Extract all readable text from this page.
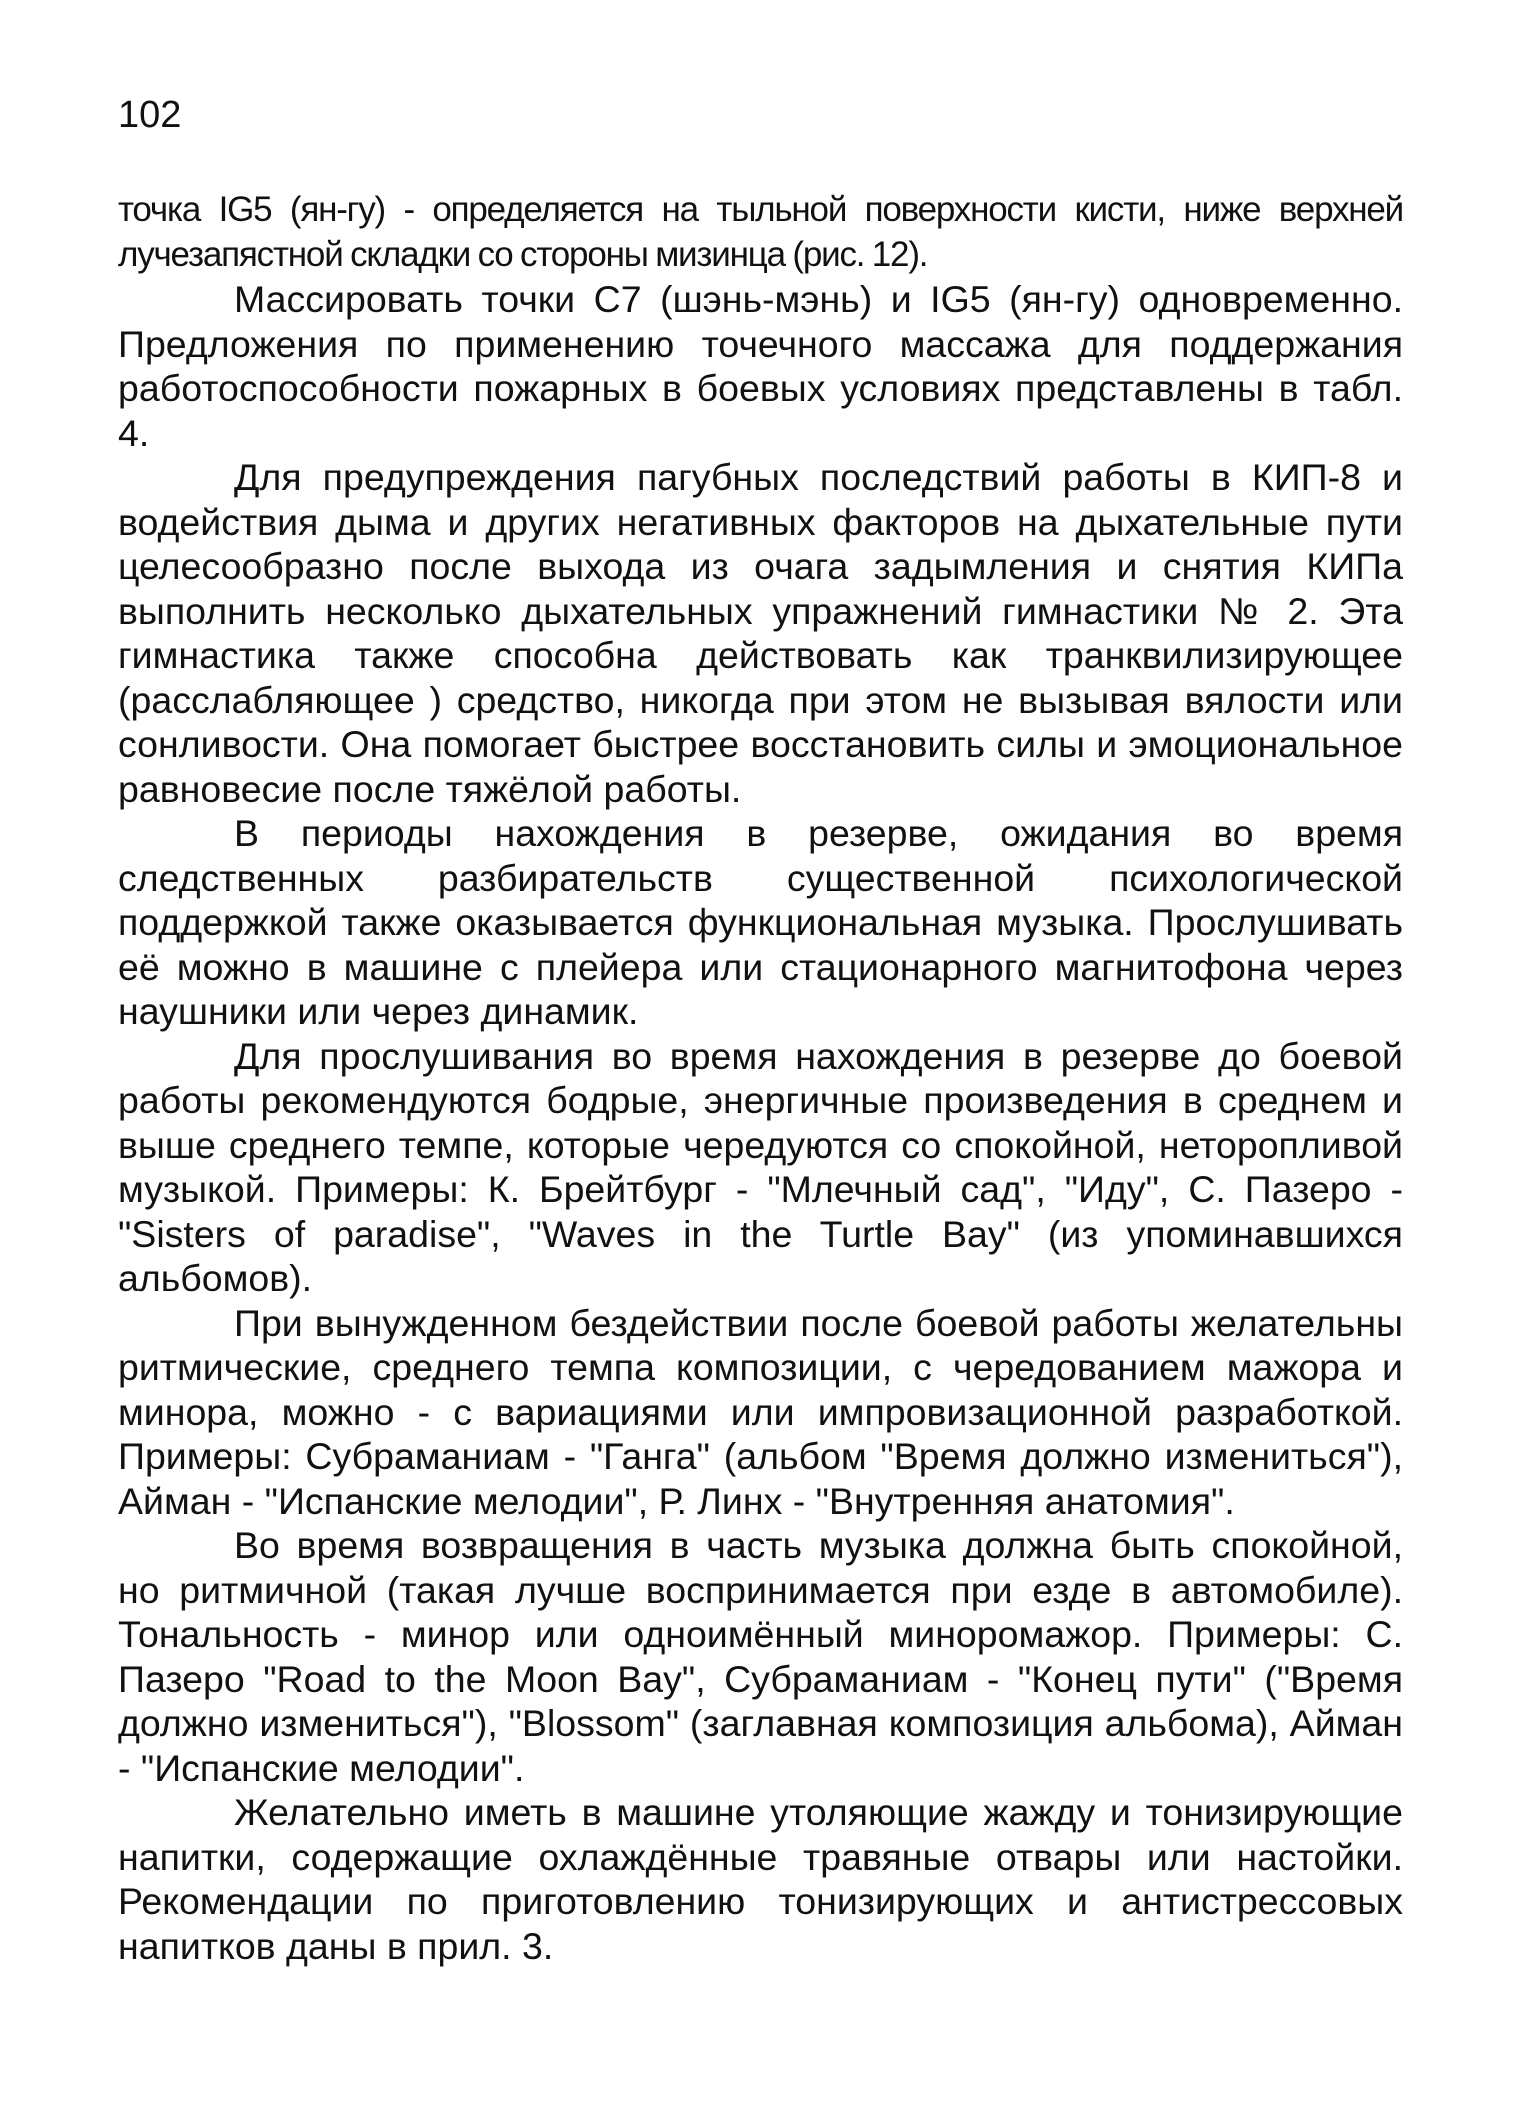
102

точка IG5 (ян-гу) - определяется на тыльной поверхности кисти, ниже верхней лучезапястной складки со стороны мизинца (рис. 12).

Массировать точки С7 (шэнь-мэнь) и IG5 (ян-гу) одновременно. Предложения по применению точечного массажа для поддержания работоспособности пожарных в боевых условиях представлены в табл. 4.

Для предупреждения пагубных последствий работы в КИП-8 и водействия дыма и других негативных факторов на дыхательные пути целесообразно после выхода из очага задымления и снятия КИПа выполнить несколько дыхательных упражнений гимнастики № 2. Эта гимнастика также способна действовать как транквилизирующее (расслабляющее ) средство, никогда при этом не вызывая вялости или сонливости. Она помогает быстрее восстановить силы и эмоциональное равновесие после тяжёлой работы.

В периоды нахождения в резерве, ожидания во время следственных разбирательств существенной психологической поддержкой также оказывается функциональная музыка. Прослушивать её можно в машине с плейера или стационарного магнитофона через наушники или через динамик.

Для прослушивания во время нахождения в резерве до боевой работы рекомендуются бодрые, энергичные произведения в среднем и выше среднего темпе, которые чередуются со спокойной, неторопливой музыкой. Примеры: К. Брейтбург - "Млечный сад", "Иду", С. Пазеро - "Sisters of paradise", "Waves in the Turtle Bay" (из упоминавшихся альбомов).

При вынужденном бездействии после боевой работы желательны ритмические, среднего темпа композиции, с чередованием мажора и минора, можно - с вариациями или импровизационной разработкой. Примеры: Субраманиам - "Ганга" (альбом "Время должно измениться"), Айман - "Испанские мелодии", Р. Линх - "Внутренняя анатомия".

Во время возвращения в часть музыка должна быть спокойной, но ритмичной (такая лучше воспринимается при езде в автомобиле). Тональность - минор или одноимённый миноромажор. Примеры: С. Пазеро "Road to the Moon Bay", Субраманиам - "Конец пути" ("Время должно измениться"), "Blossom" (заглавная композиция альбома), Айман - "Испанские мелодии".

Желательно иметь в машине утоляющие жажду и тонизирующие напитки, содержащие охлаждённые травяные отвары или настойки. Рекомендации по приготовлению тонизирующих и антистрессовых напитков даны в прил. 3.
